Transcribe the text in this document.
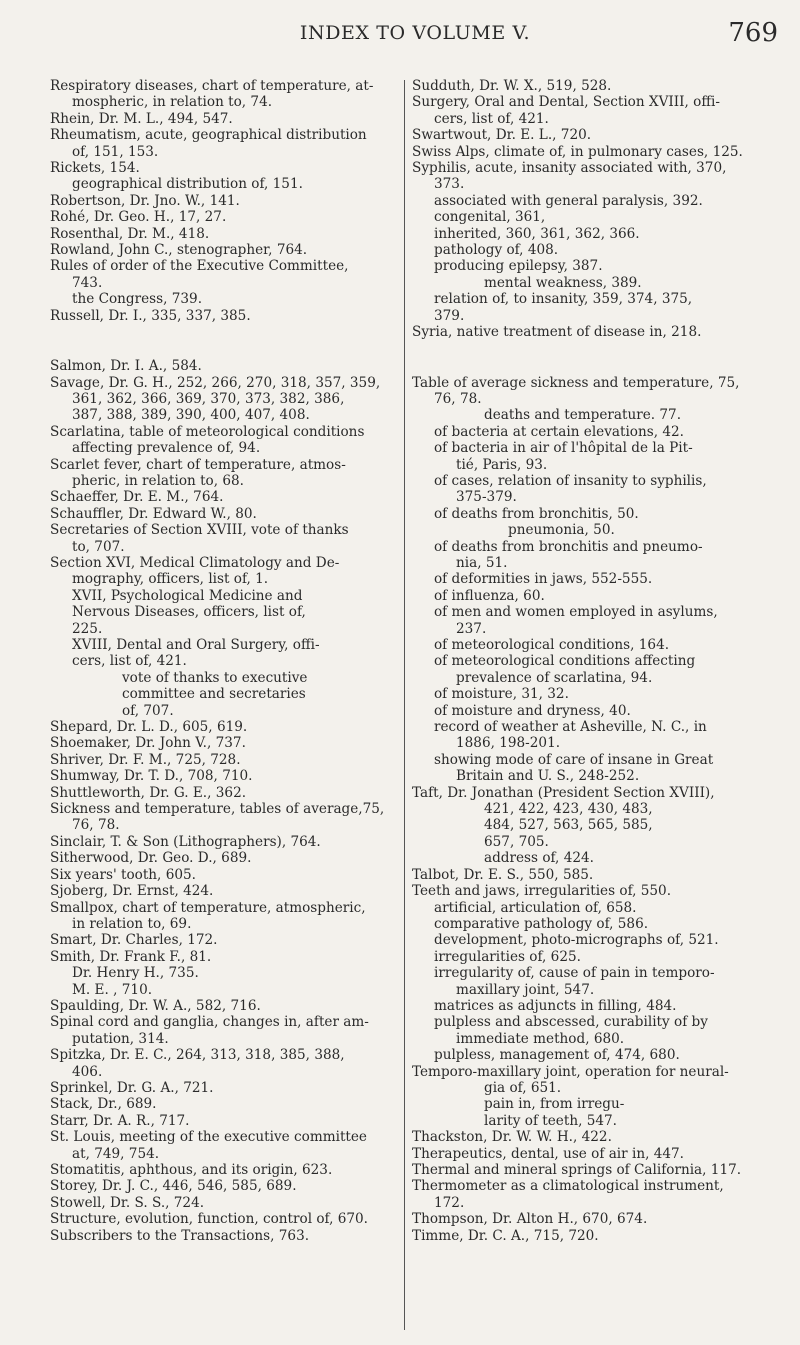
INDEX TO VOLUME V.	769
Respiratory diseases, chart of temperature, at-
mospheric, in relation to, 74.
Rhein, Dr. M. L., 494, 547.
Rheumatism, acute, geographical distribution
of, 151, 153.
Rickets, 154.
geographical distribution of, 151.
Robertson, Dr. Jno. W., 141.
Rohé, Dr. Geo. H., 17, 27.
Rosenthal, Dr. M., 418.
Rowland, John C., stenographer, 764.
Rules of order of the Executive Committee,
743.
the Congress, 739.
Russell, Dr. I., 335, 337, 385.
Salmon, Dr. I. A., 584.
Savage, Dr. G. H., 252, 266, 270, 318, 357, 359,
361, 362, 366, 369, 370, 373, 382, 386,
387, 388, 389, 390, 400, 407, 408.
Scarlatina, table of meteorological conditions
affecting prevalence of, 94.
Scarlet fever, chart of temperature, atmos-
pheric, in relation to, 68.
Schaeffer, Dr. E. M., 764.
Schauffler, Dr. Edward W., 80.
Secretaries of Section XVIII, vote of thanks
to, 707.
Section XVI, Medical Climatology and De-
mography, officers, list of, 1.
XVII, Psychological Medicine and
Nervous Diseases, officers, list of,
225.
XVIII, Dental and Oral Surgery, offi-
cers, list of, 421.
vote of thanks to executive
committee and secretaries
of, 707.
Shepard, Dr. L. D., 605, 619.
Shoemaker, Dr. John V., 737.
Shriver, Dr. F. M., 725, 728.
Shumway, Dr. T. D., 708, 710.
Shuttleworth, Dr. G. E., 362.
Sickness and temperature, tables of average,75,
76, 78.
Sinclair, T. & Son (Lithographers), 764.
Sitherwood, Dr. Geo. D., 689.
Six years' tooth, 605.
Sjoberg, Dr. Ernst, 424.
Smallpox, chart of temperature, atmospheric,
in relation to, 69.
Smart, Dr. Charles, 172.
Smith, Dr. Frank F., 81.
Dr. Henry H., 735.
M. E. , 710.
Spaulding, Dr. W. A., 582, 716.
Spinal cord and ganglia, changes in, after am-
putation, 314.
Spitzka, Dr. E. C., 264, 313, 318, 385, 388,
406.
Sprinkel, Dr. G. A., 721.
Stack, Dr., 689.
Starr, Dr. A. R., 717.
St. Louis, meeting of the executive committee
at, 749, 754.
Stomatitis, aphthous, and its origin, 623.
Storey, Dr. J. C., 446, 546, 585, 689.
Stowell, Dr. S. S., 724.
Structure, evolution, function, control of, 670.
Subscribers to the Transactions, 763.
Sudduth, Dr. W. X., 519, 528.
Surgery, Oral and Dental, Section XVIII, offi-
cers, list of, 421.
Swartwout, Dr. E. L., 720.
Swiss Alps, climate of, in pulmonary cases, 125.
Syphilis, acute, insanity associated with, 370,
373.
associated with general paralysis, 392.
congenital, 361,
inherited, 360, 361, 362, 366.
pathology of, 408.
producing epilepsy, 387.
mental weakness, 389.
relation of, to insanity, 359, 374, 375,
379.
Syria, native treatment of disease in, 218.
Table of average sickness and temperature, 75,
76, 78.
deaths and temperature. 77.
of bacteria at certain elevations, 42.
of bacteria in air of l'hôpital de la Pit-
tié, Paris, 93.
of cases, relation of insanity to syphilis,
375-379.
of deaths from bronchitis, 50.
pneumonia, 50.
of deaths from bronchitis and pneumo-
nia, 51.
of deformities in jaws, 552-555.
of influenza, 60.
of men and women employed in asylums,
237.
of meteorological conditions, 164.
of meteorological conditions affecting
prevalence of scarlatina, 94.
of moisture, 31, 32.
of moisture and dryness, 40.
record of weather at Asheville, N. C., in
1886, 198-201.
showing mode of care of insane in Great
Britain and U. S., 248-252.
Taft, Dr. Jonathan (President Section XVIII),
421, 422, 423, 430, 483,
484, 527, 563, 565, 585,
657, 705.
address of, 424.
Talbot, Dr. E. S., 550, 585.
Teeth and jaws, irregularities of, 550.
artificial, articulation of, 658.
comparative pathology of, 586.
development, photo-micrographs of, 521.
irregularities of, 625.
irregularity of, cause of pain in temporo-
maxillary joint, 547.
matrices as adjuncts in filling, 484.
pulpless and abscessed, curability of by
immediate method, 680.
pulpless, management of, 474, 680.
Temporo-maxillary joint, operation for neural-
gia of, 651.
pain in, from irregu-
larity of teeth, 547.
Thackston, Dr. W. W. H., 422.
Therapeutics, dental, use of air in, 447.
Thermal and mineral springs of California, 117.
Thermometer as a climatological instrument,
172.
Thompson, Dr. Alton H., 670, 674.
Timme, Dr. C. A., 715, 720.
